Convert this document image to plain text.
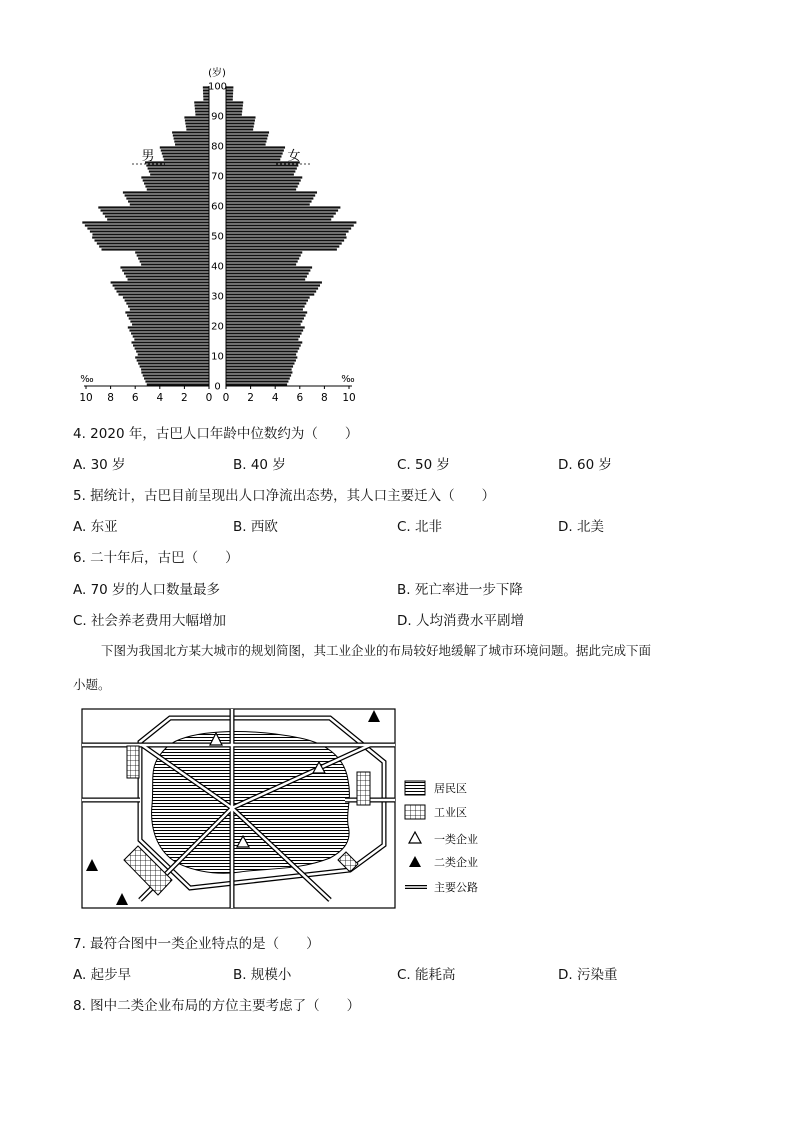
100
90
80
70
60
50
40
30
20
10
0
10 8 6 4 2 0 0 2 4 6 8 10
(岁)
男	女
‰	‰
4. 2020 年，古巴人口年龄中位数约为（　　）
A. 30 岁	B. 40 岁	C. 50 岁	D. 60 岁
5. 据统计，古巴目前呈现出人口净流出态势，其人口主要迁入（　　）
A. 东亚	B. 西欧	C. 北非	D. 北美
6. 二十年后，古巴（　　）
A. 70 岁的人口数量最多	B. 死亡率进一步下降
C. 社会养老费用大幅增加	D. 人均消费水平剧增
下图为我国北方某大城市的规划简图，其工业企业的布局较好地缓解了城市环境问题。据此完成下面
小题。
居民区
工业区
一类企业
二类企业
主要公路
7. 最符合图中一类企业特点的是（　　）
A. 起步早	B. 规模小	C. 能耗高	D. 污染重
8. 图中二类企业布局的方位主要考虑了（　　）
